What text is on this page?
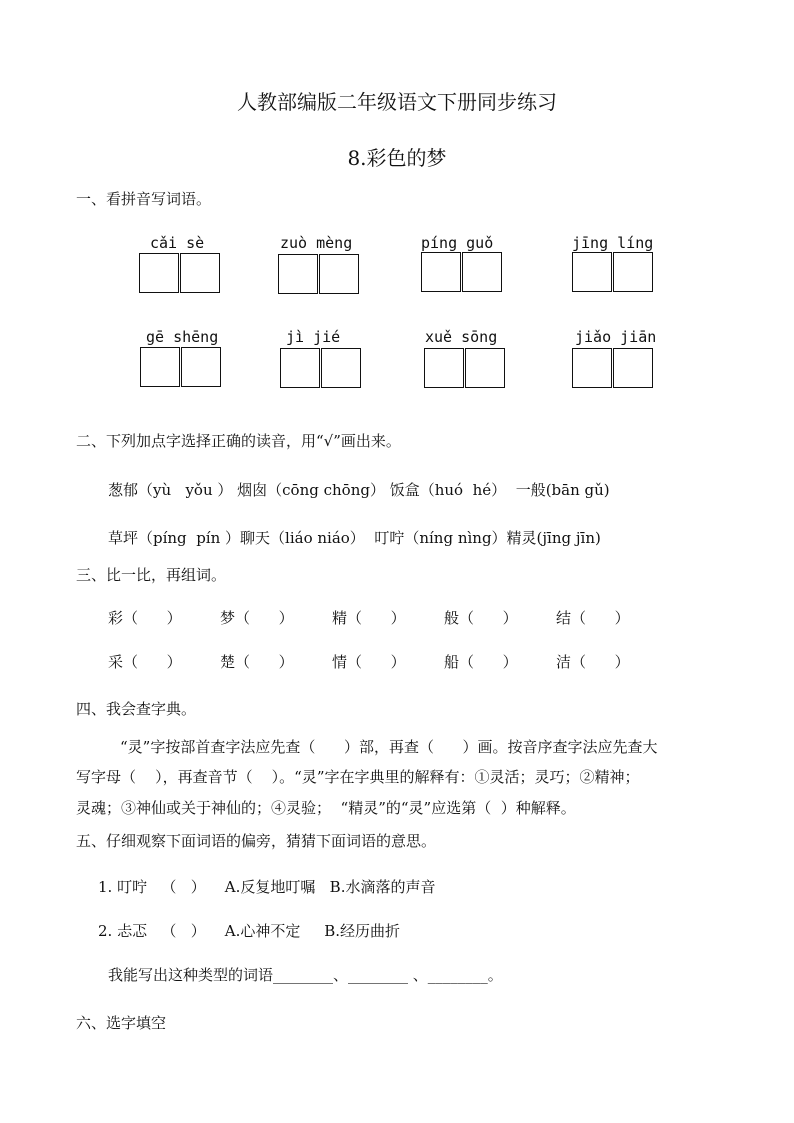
人教部编版二年级语文下册同步练习
8.彩色的梦
一、看拼音写词语。
cǎi sè	zuò mèng	píng guǒ	jīng líng
gē shēng	jì jié	xuě sōng	jiǎo jiān
二、下列加点字选择正确的读音，用“√”画出来。
葱郁（yù   yǒu ） 烟囱（cōng chōng） 饭盒（huó  hé）  一般(bān gǔ)
草坪（píng  pín ）聊天（liáo niáo）  叮咛（níng nìng）精灵(jīng jīn)
三、比一比，再组词。
彩（      ）	梦（      ）	精（      ）	般（      ）	结（      ）
采（      ）	楚（      ）	情（      ）	船（      ）	洁（      ）
四、我会查字典。
“灵”字按部首查字法应先查（      ）部，再查（      ）画。按音序查字法应先查大
写字母（    ），再查音节（    ）。“灵”字在字典里的解释有：①灵活；灵巧；②精神；
灵魂；③神仙或关于神仙的；④灵验；  “精灵”的“灵”应选第（  ）种解释。
五、仔细观察下面词语的偏旁，猜猜下面词语的意思。
1. 叮咛   （   ）    A.反复地叮嘱   B.水滴落的声音
2. 忐忑   （   ）    A.心神不定     B.经历曲折
我能写出这种类型的词语________、________ 、________。
六、选字填空
